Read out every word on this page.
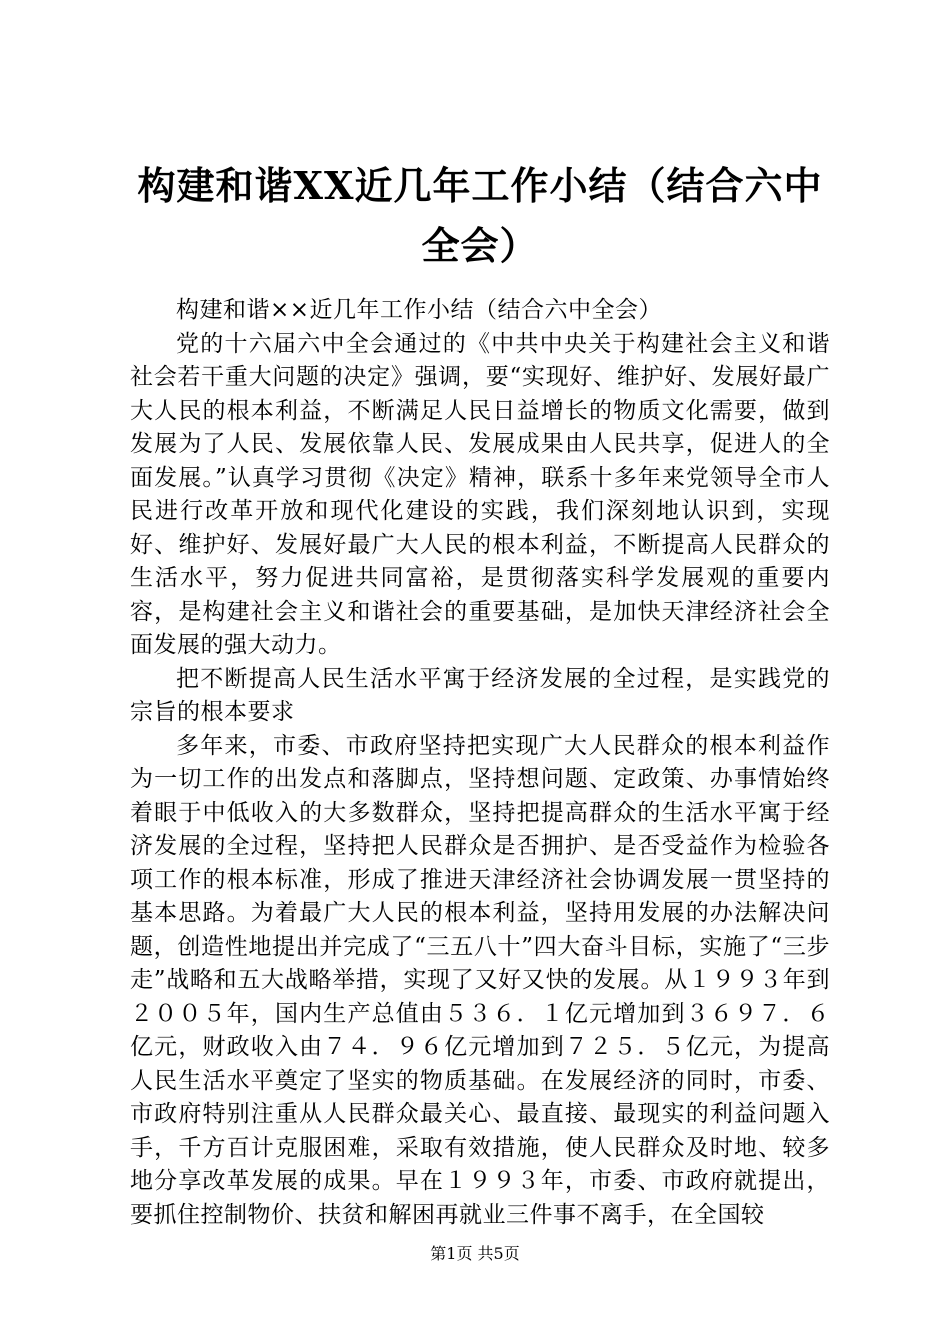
构建和谐XX近几年工作小结（结合六中全会）

构建和谐××近几年工作小结（结合六中全会）

党的十六届六中全会通过的《中共中央关于构建社会主义和谐社会若干重大问题的决定》强调，要“实现好、维护好、发展好最广大人民的根本利益，不断满足人民日益增长的物质文化需要，做到发展为了人民、发展依靠人民、发展成果由人民共享，促进人的全面发展。”认真学习贯彻《决定》精神，联系十多年来党领导全市人民进行改革开放和现代化建设的实践，我们深刻地认识到，实现好、维护好、发展好最广大人民的根本利益，不断提高人民群众的生活水平，努力促进共同富裕，是贯彻落实科学发展观的重要内容，是构建社会主义和谐社会的重要基础，是加快天津经济社会全面发展的强大动力。

把不断提高人民生活水平寓于经济发展的全过程，是实践党的宗旨的根本要求

多年来，市委、市政府坚持把实现广大人民群众的根本利益作为一切工作的出发点和落脚点，坚持想问题、定政策、办事情始终着眼于中低收入的大多数群众，坚持把提高群众的生活水平寓于经济发展的全过程，坚持把人民群众是否拥护、是否受益作为检验各项工作的根本标准，形成了推进天津经济社会协调发展一贯坚持的基本思路。为着最广大人民的根本利益，坚持用发展的办法解决问题，创造性地提出并完成了“三五八十”四大奋斗目标，实施了“三步走”战略和五大战略举措，实现了又好又快的发展。从１９９３年到２００５年，国内生产总值由５３６．１亿元增加到３６９７．６亿元，财政收入由７４．９６亿元增加到７２５．５亿元，为提高人民生活水平奠定了坚实的物质基础。在发展经济的同时，市委、市政府特别注重从人民群众最关心、最直接、最现实的利益问题入手，千方百计克服困难，采取有效措施，使人民群众及时地、较多地分享改革发展的成果。早在１９９３年，市委、市政府就提出，要抓住控制物价、扶贫和解困再就业三件事不离手，在全国较

第1页 共5页
